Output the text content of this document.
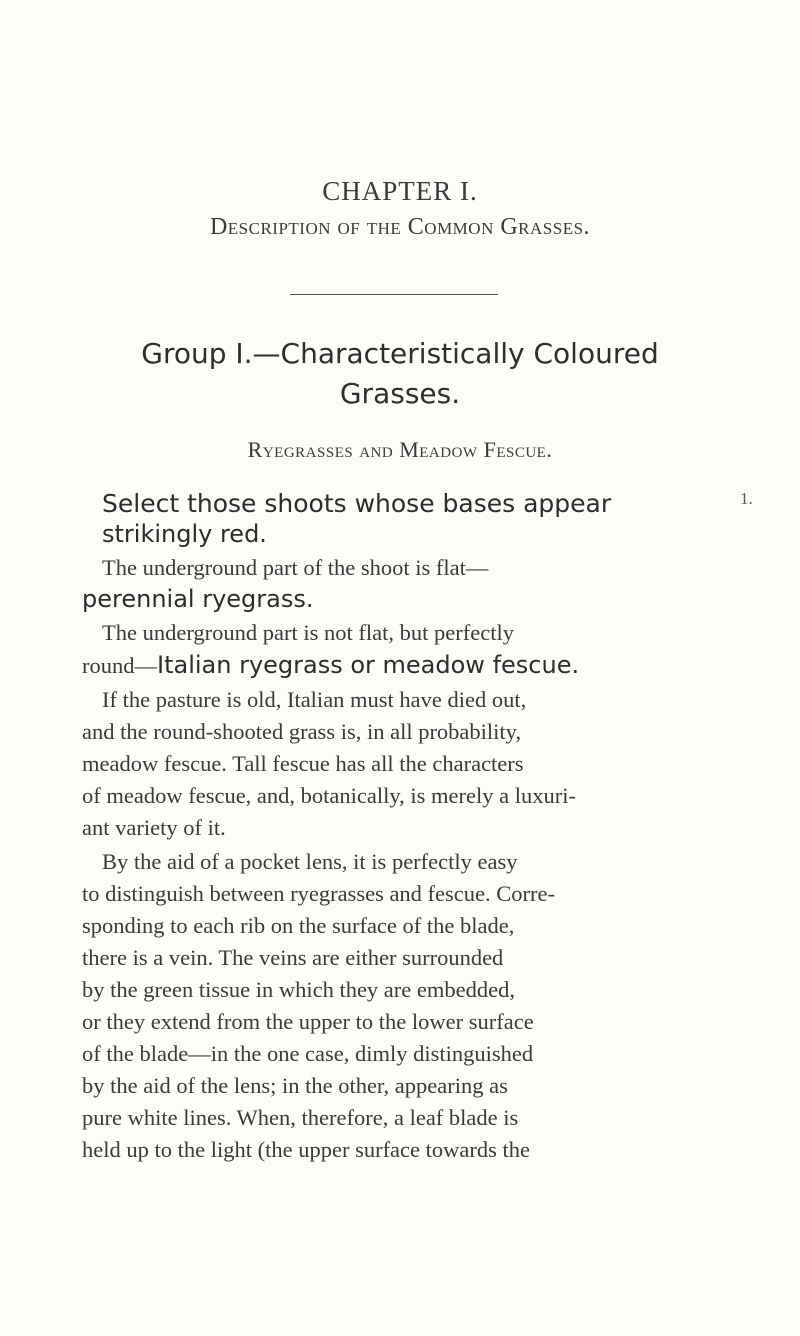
CHAPTER I.
Description of the Common Grasses.
Group I.—Characteristically Coloured
Grasses.
Ryegrasses and Meadow Fescue.
1.
Select those shoots whose bases appear
strikingly red.
The underground part of the shoot is flat—
perennial ryegrass.
The underground part is not flat, but perfectly
round—Italian ryegrass or meadow fescue.
If the pasture is old, Italian must have died out,
and the round-shooted grass is, in all probability,
meadow fescue. Tall fescue has all the characters
of meadow fescue, and, botanically, is merely a luxuri-
ant variety of it.
By the aid of a pocket lens, it is perfectly easy
to distinguish between ryegrasses and fescue. Corre-
sponding to each rib on the surface of the blade,
there is a vein. The veins are either surrounded
by the green tissue in which they are embedded,
or they extend from the upper to the lower surface
of the blade—in the one case, dimly distinguished
by the aid of the lens; in the other, appearing as
pure white lines. When, therefore, a leaf blade is
held up to the light (the upper surface towards the
